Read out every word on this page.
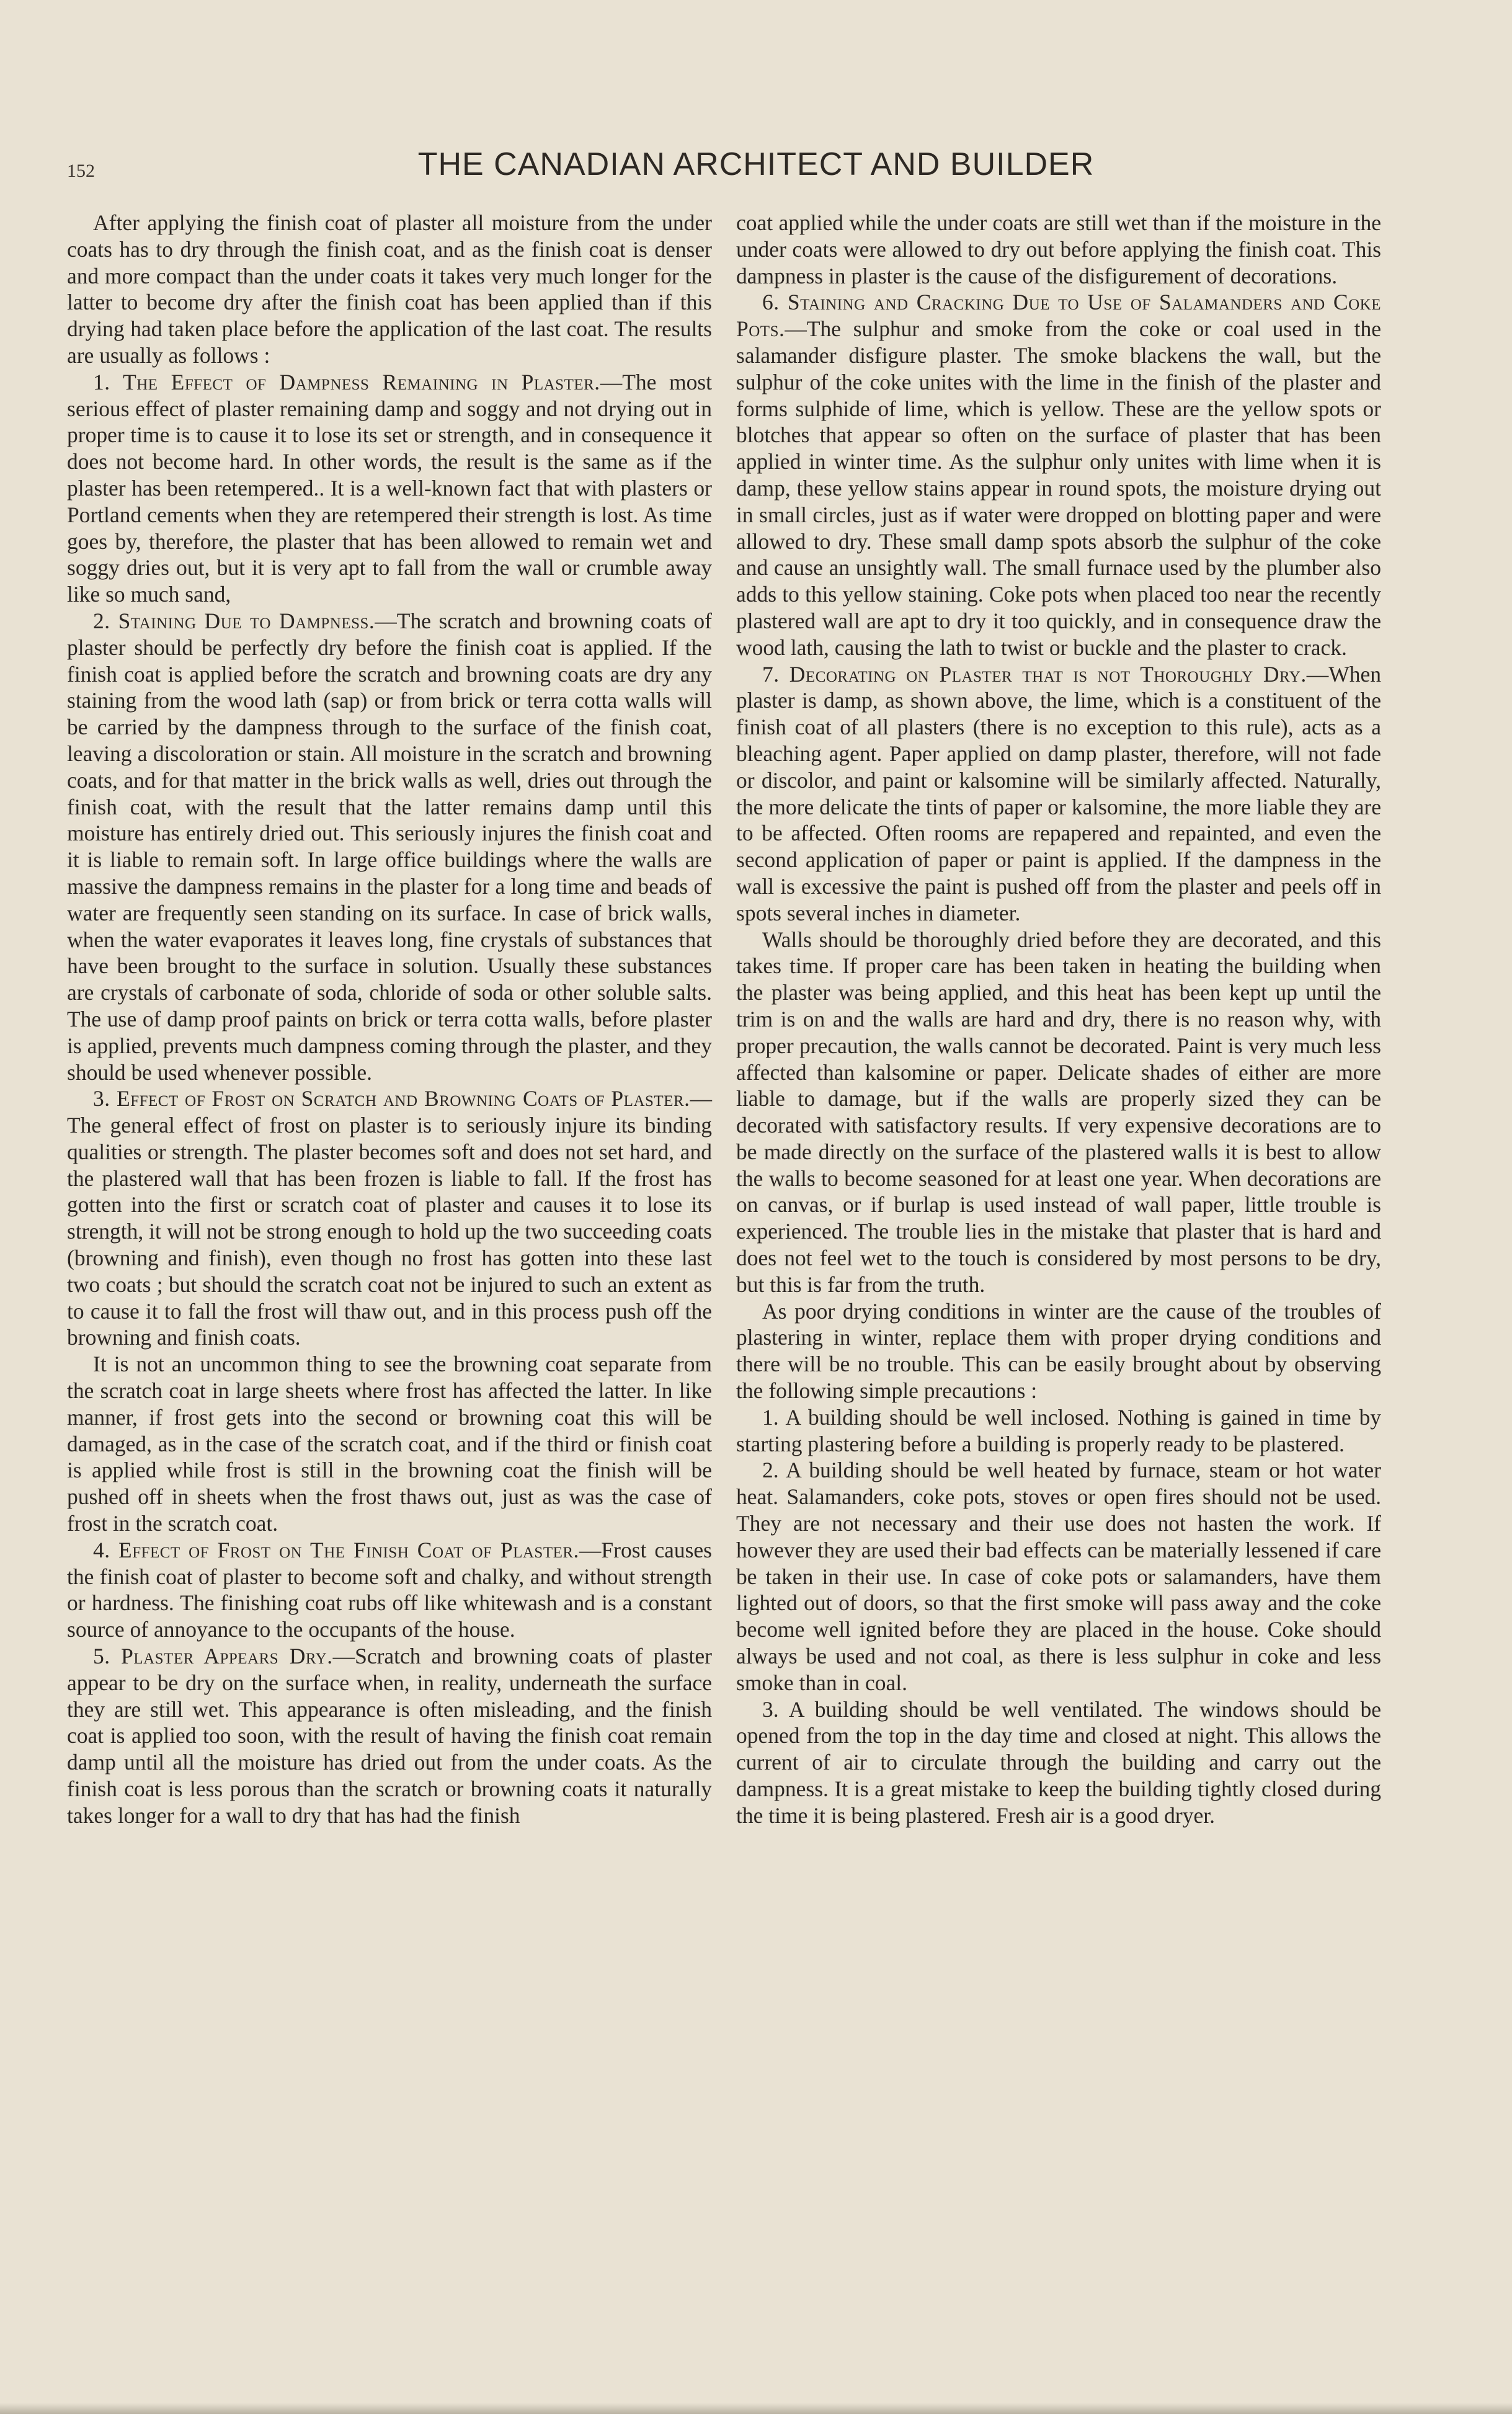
152	THE CANADIAN ARCHITECT AND BUILDER

After applying the finish coat of plaster all moisture from the under coats has to dry through the finish coat, and as the finish coat is denser and more compact than the under coats it takes very much longer for the latter to become dry after the finish coat has been applied than if this drying had taken place before the application of the last coat. The results are usually as follows :

1. The Effect of Dampness Remaining in Plaster.—The most serious effect of plaster remaining damp and soggy and not drying out in proper time is to cause it to lose its set or strength, and in consequence it does not become hard. In other words, the result is the same as if the plaster has been retempered.. It is a well-known fact that with plasters or Portland cements when they are retempered their strength is lost. As time goes by, therefore, the plaster that has been allowed to remain wet and soggy dries out, but it is very apt to fall from the wall or crumble away like so much sand,

2. Staining Due to Dampness.—The scratch and browning coats of plaster should be perfectly dry before the finish coat is applied. If the finish coat is applied before the scratch and browning coats are dry any staining from the wood lath (sap) or from brick or terra cotta walls will be carried by the dampness through to the surface of the finish coat, leaving a discoloration or stain. All moisture in the scratch and browning coats, and for that matter in the brick walls as well, dries out through the finish coat, with the result that the latter remains damp until this moisture has entirely dried out. This seriously injures the finish coat and it is liable to remain soft. In large office buildings where the walls are massive the dampness remains in the plaster for a long time and beads of water are frequently seen standing on its surface. In case of brick walls, when the water evaporates it leaves long, fine crystals of substances that have been brought to the surface in solution. Usually these substances are crystals of carbonate of soda, chloride of soda or other soluble salts. The use of damp proof paints on brick or terra cotta walls, before plaster is applied, prevents much dampness coming through the plaster, and they should be used whenever possible.

3. Effect of Frost on Scratch and Browning Coats of Plaster.—The general effect of frost on plaster is to seriously injure its binding qualities or strength. The plaster becomes soft and does not set hard, and the plastered wall that has been frozen is liable to fall. If the frost has gotten into the first or scratch coat of plaster and causes it to lose its strength, it will not be strong enough to hold up the two succeeding coats (browning and finish), even though no frost has gotten into these last two coats ; but should the scratch coat not be injured to such an extent as to cause it to fall the frost will thaw out, and in this process push off the browning and finish coats.

It is not an uncommon thing to see the browning coat separate from the scratch coat in large sheets where frost has affected the latter. In like manner, if frost gets into the second or browning coat this will be damaged, as in the case of the scratch coat, and if the third or finish coat is applied while frost is still in the browning coat the finish will be pushed off in sheets when the frost thaws out, just as was the case of frost in the scratch coat.

4. Effect of Frost on The Finish Coat of Plaster.—Frost causes the finish coat of plaster to become soft and chalky, and without strength or hardness. The finishing coat rubs off like whitewash and is a constant source of annoyance to the occupants of the house.

5. Plaster Appears Dry.—Scratch and browning coats of plaster appear to be dry on the surface when, in reality, underneath the surface they are still wet. This appearance is often misleading, and the finish coat is applied too soon, with the result of having the finish coat remain damp until all the moisture has dried out from the under coats. As the finish coat is less porous than the scratch or browning coats it naturally takes longer for a wall to dry that has had the finish

coat applied while the under coats are still wet than if the moisture in the under coats were allowed to dry out before applying the finish coat. This dampness in plaster is the cause of the disfigurement of decorations.

6. Staining and Cracking Due to Use of Salamanders and Coke Pots.—The sulphur and smoke from the coke or coal used in the salamander disfigure plaster. The smoke blackens the wall, but the sulphur of the coke unites with the lime in the finish of the plaster and forms sulphide of lime, which is yellow. These are the yellow spots or blotches that appear so often on the surface of plaster that has been applied in winter time. As the sulphur only unites with lime when it is damp, these yellow stains appear in round spots, the moisture drying out in small circles, just as if water were dropped on blotting paper and were allowed to dry. These small damp spots absorb the sulphur of the coke and cause an unsightly wall. The small furnace used by the plumber also adds to this yellow staining. Coke pots when placed too near the recently plastered wall are apt to dry it too quickly, and in consequence draw the wood lath, causing the lath to twist or buckle and the plaster to crack.

7. Decorating on Plaster that is not Thoroughly Dry.—When plaster is damp, as shown above, the lime, which is a constituent of the finish coat of all plasters (there is no exception to this rule), acts as a bleaching agent. Paper applied on damp plaster, therefore, will not fade or discolor, and paint or kalsomine will be similarly affected. Naturally, the more delicate the tints of paper or kalsomine, the more liable they are to be affected. Often rooms are repapered and repainted, and even the second application of paper or paint is applied. If the dampness in the wall is excessive the paint is pushed off from the plaster and peels off in spots several inches in diameter.

Walls should be thoroughly dried before they are decorated, and this takes time. If proper care has been taken in heating the building when the plaster was being applied, and this heat has been kept up until the trim is on and the walls are hard and dry, there is no reason why, with proper precaution, the walls cannot be decorated. Paint is very much less affected than kalsomine or paper. Delicate shades of either are more liable to damage, but if the walls are properly sized they can be decorated with satisfactory results. If very expensive decorations are to be made directly on the surface of the plastered walls it is best to allow the walls to become seasoned for at least one year. When decorations are on canvas, or if burlap is used instead of wall paper, little trouble is experienced. The trouble lies in the mistake that plaster that is hard and does not feel wet to the touch is considered by most persons to be dry, but this is far from the truth.

As poor drying conditions in winter are the cause of the troubles of plastering in winter, replace them with proper drying conditions and there will be no trouble. This can be easily brought about by observing the following simple precautions :

1. A building should be well inclosed. Nothing is gained in time by starting plastering before a building is properly ready to be plastered.

2. A building should be well heated by furnace, steam or hot water heat. Salamanders, coke pots, stoves or open fires should not be used. They are not necessary and their use does not hasten the work. If however they are used their bad effects can be materially lessened if care be taken in their use. In case of coke pots or salamanders, have them lighted out of doors, so that the first smoke will pass away and the coke become well ignited before they are placed in the house. Coke should always be used and not coal, as there is less sulphur in coke and less smoke than in coal.

3. A building should be well ventilated. The windows should be opened from the top in the day time and closed at night. This allows the current of air to circulate through the building and carry out the dampness. It is a great mistake to keep the building tightly closed during the time it is being plastered. Fresh air is a good dryer.
